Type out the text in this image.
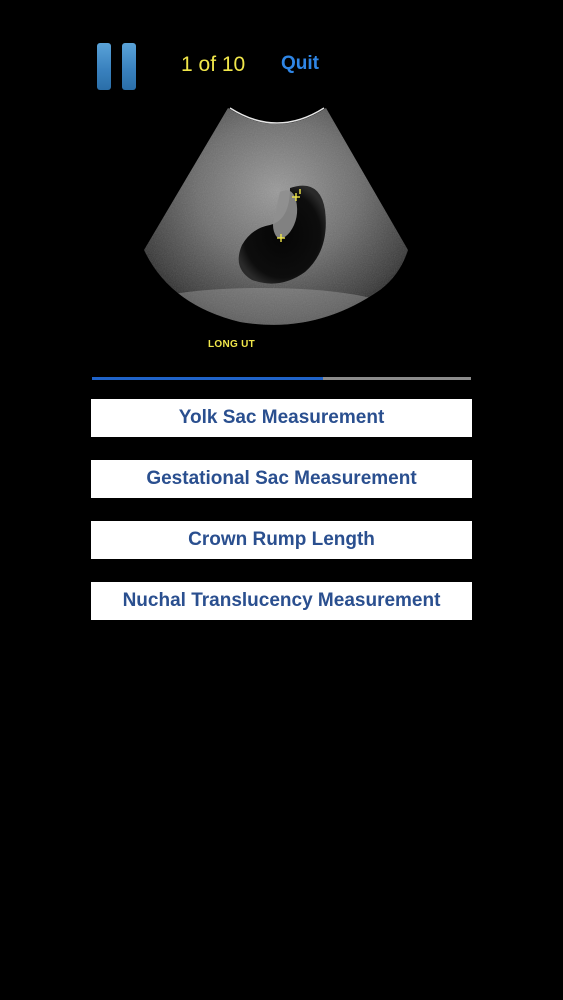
1 of 10 Quit
LONG UT
Yolk Sac Measurement
Gestational Sac Measurement
Crown Rump Length
Nuchal Translucency Measurement
